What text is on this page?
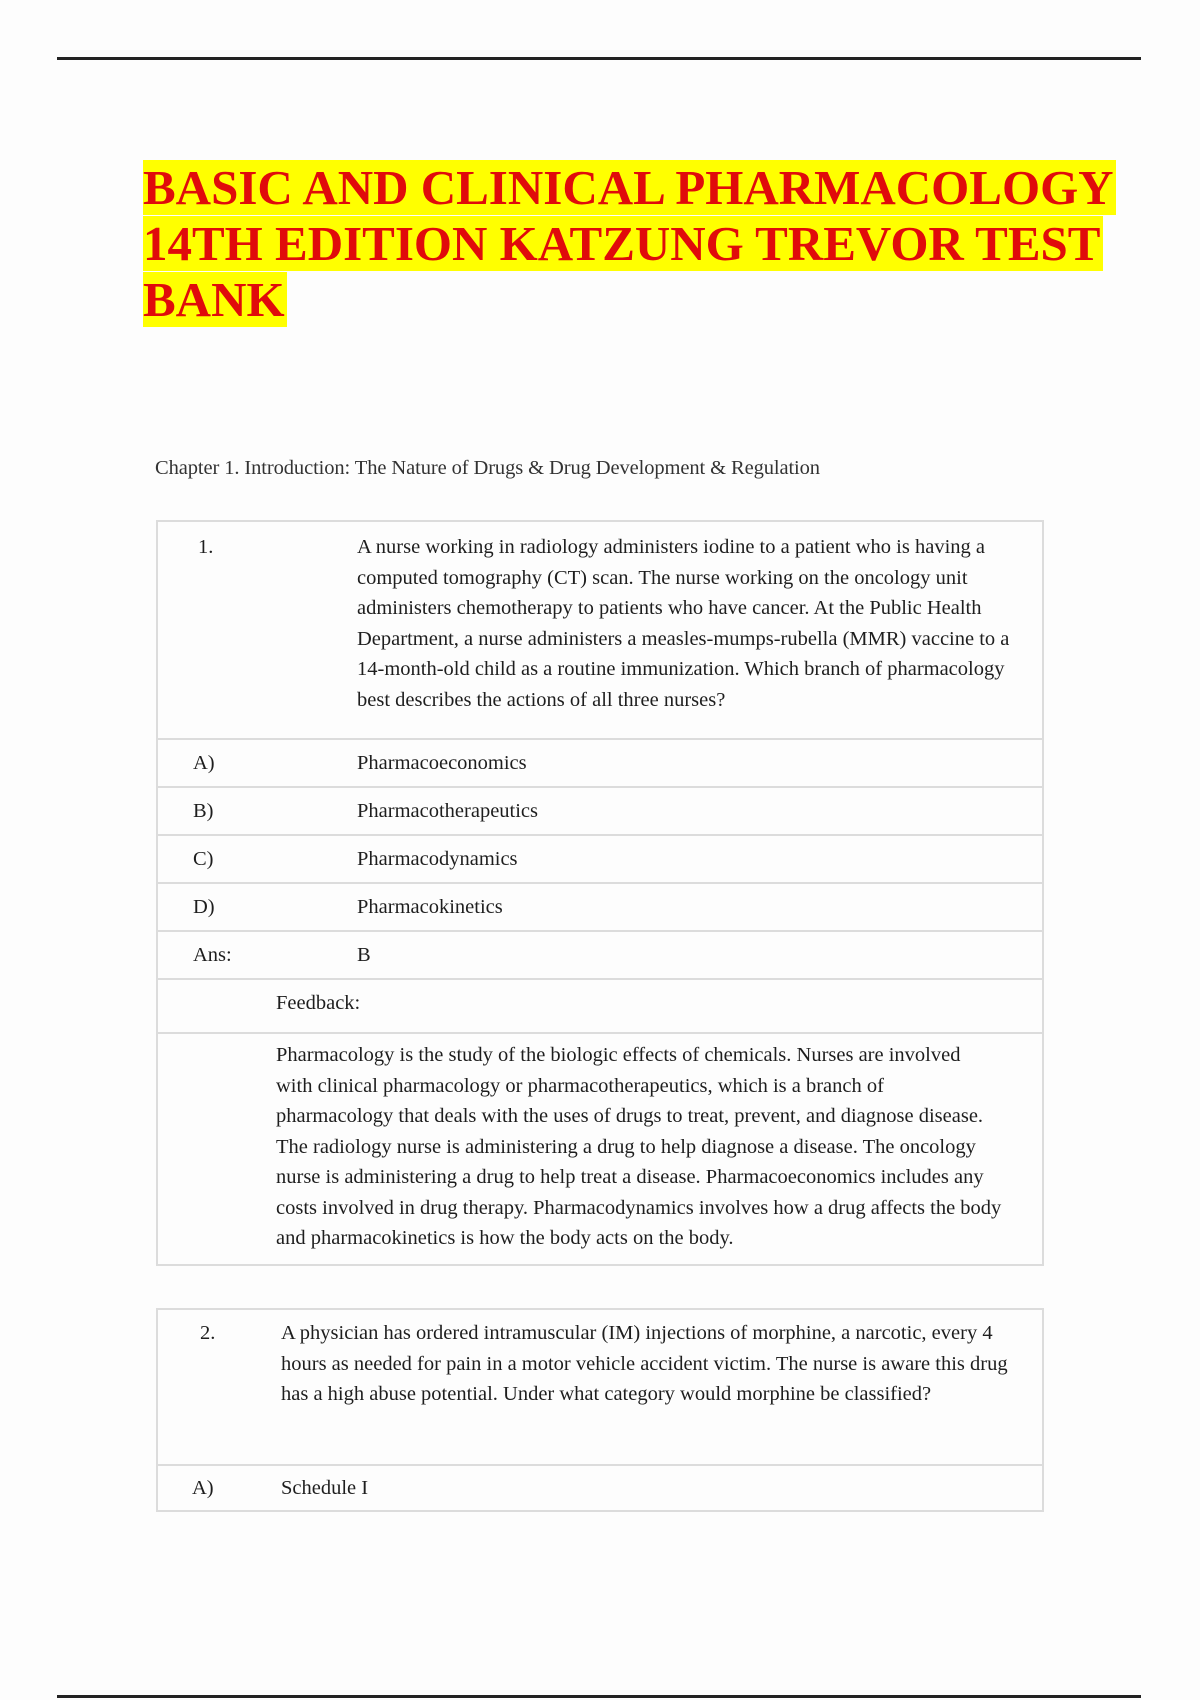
BASIC AND CLINICAL PHARMACOLOGY
14TH EDITION KATZUNG TREVOR TEST
BANK
Chapter 1. Introduction: The Nature of Drugs & Drug Development & Regulation
1.	A nurse working in radiology administers iodine to a patient who is having a computed tomography (CT) scan. The nurse working on the oncology unit administers chemotherapy to patients who have cancer. At the Public Health Department, a nurse administers a measles-mumps-rubella (MMR) vaccine to a 14-month-old child as a routine immunization. Which branch of pharmacology best describes the actions of all three nurses?
A)	Pharmacoeconomics
B)	Pharmacotherapeutics
C)	Pharmacodynamics
D)	Pharmacokinetics
Ans:	B
Feedback:	
Pharmacology is the study of the biologic effects of chemicals. Nurses are involved with clinical pharmacology or pharmacotherapeutics, which is a branch of pharmacology that deals with the uses of drugs to treat, prevent, and diagnose disease. The radiology nurse is administering a drug to help diagnose a disease. The oncology nurse is administering a drug to help treat a disease. Pharmacoeconomics includes any costs involved in drug therapy. Pharmacodynamics involves how a drug affects the body and pharmacokinetics is how the body acts on the body.	
2.	A physician has ordered intramuscular (IM) injections of morphine, a narcotic, every 4 hours as needed for pain in a motor vehicle accident victim. The nurse is aware this drug has a high abuse potential. Under what category would morphine be classified?
A)	Schedule I
